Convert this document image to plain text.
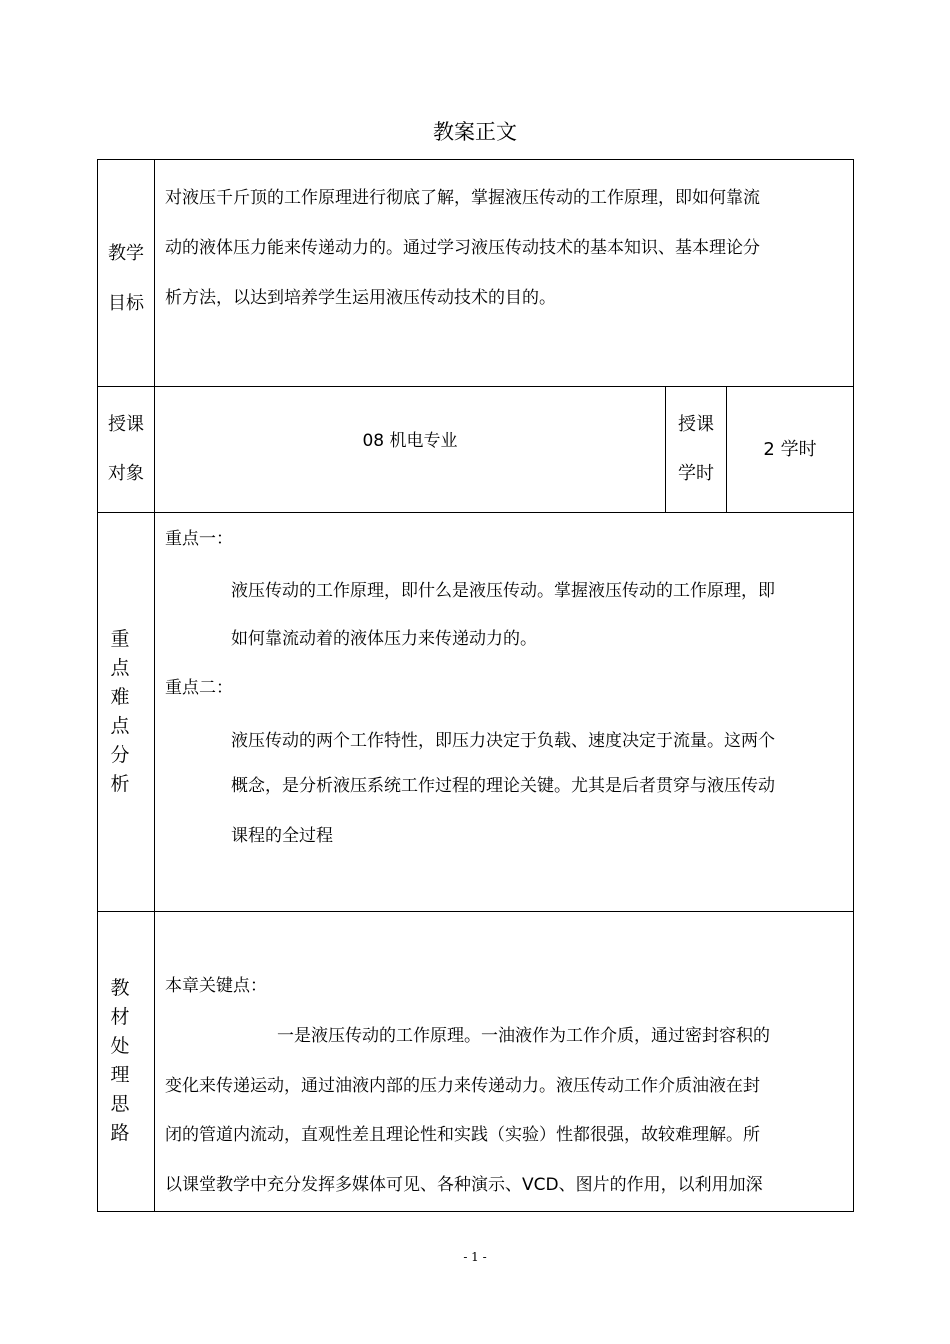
教案正文
教学
目标
对液压千斤顶的工作原理进行彻底了解，掌握液压传动的工作原理，即如何靠流
动的液体压力能来传递动力的。通过学习液压传动技术的基本知识、基本理论分
析方法，以达到培养学生运用液压传动技术的目的。
授课
对象
08 机电专业
授课
学时
2 学时
重
点
难
点
分
析
重点一：
液压传动的工作原理，即什么是液压传动。掌握液压传动的工作原理，即
如何靠流动着的液体压力来传递动力的。
重点二：
液压传动的两个工作特性，即压力决定于负载、速度决定于流量。这两个
概念，是分析液压系统工作过程的理论关键。尤其是后者贯穿与液压传动
课程的全过程
教
材
处
理
思
路
本章关键点：
一是液压传动的工作原理。一油液作为工作介质，通过密封容积的
变化来传递运动，通过油液内部的压力来传递动力。液压传动工作介质油液在封
闭的管道内流动，直观性差且理论性和实践（实验）性都很强，故较难理解。所
以课堂教学中充分发挥多媒体可见、各种演示、VCD、图片的作用，以利用加深
- 1 -
